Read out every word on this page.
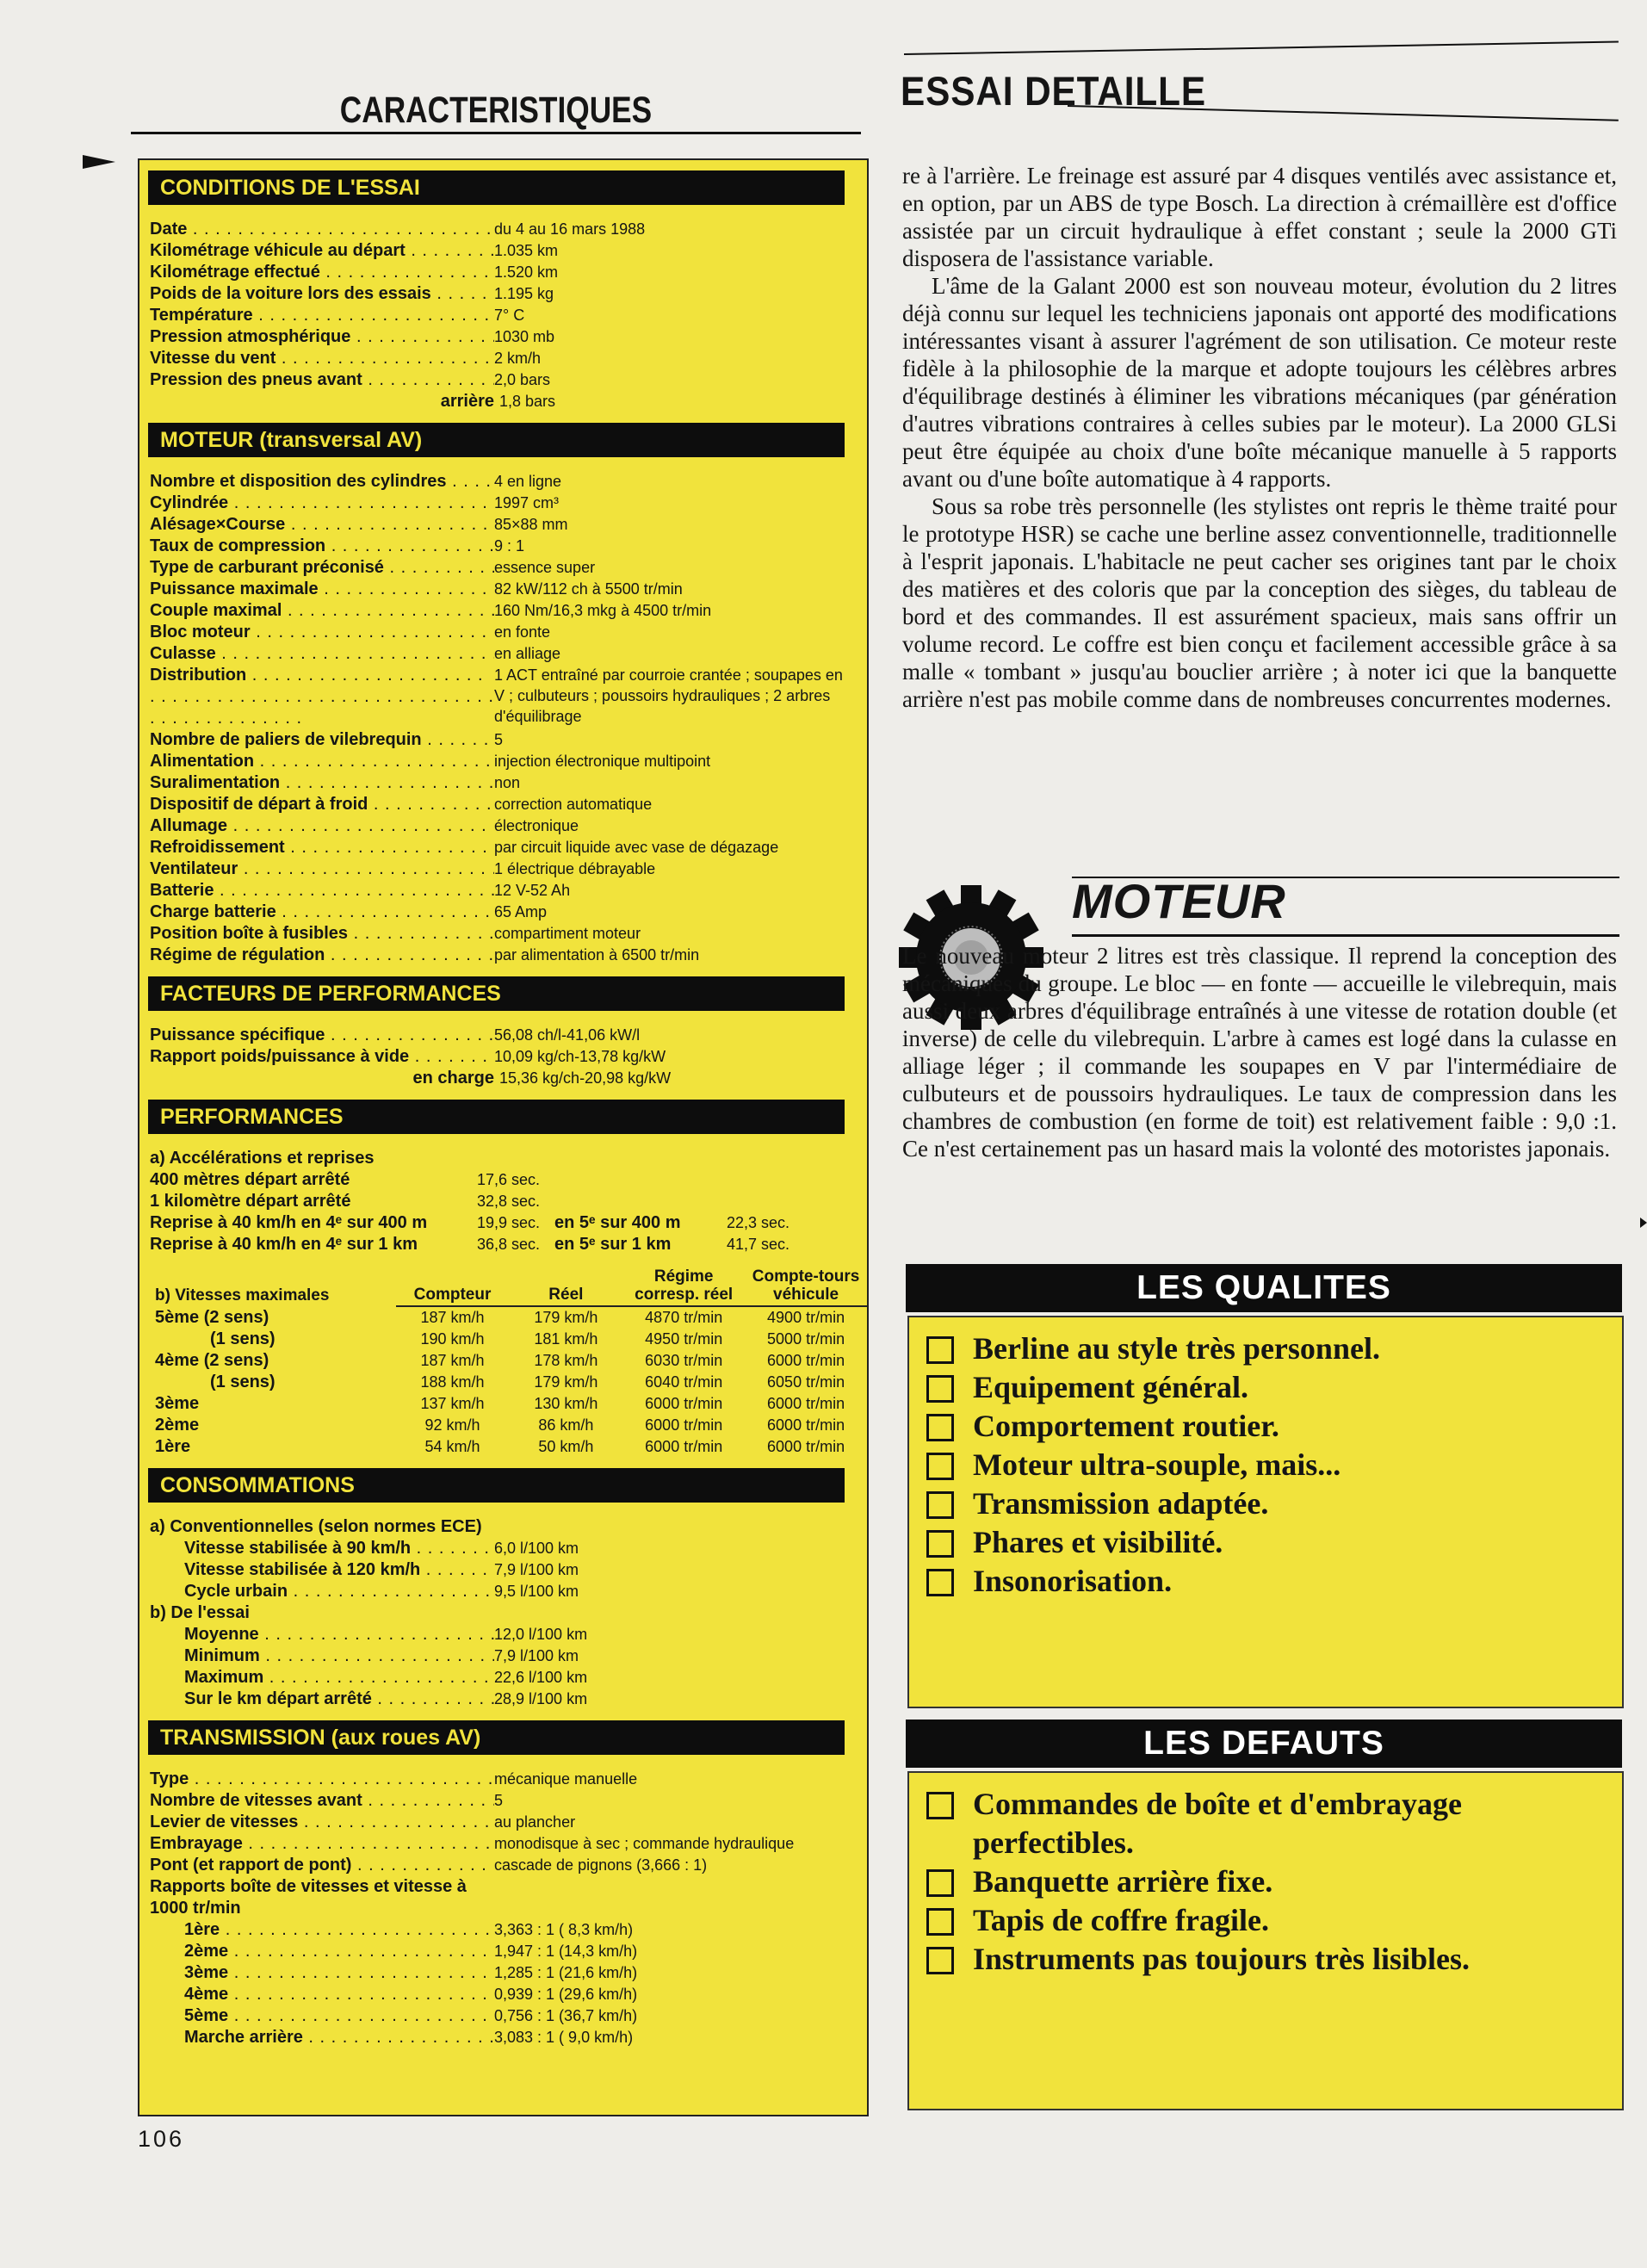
CARACTERISTIQUES
CONDITIONS DE L'ESSAI
Date . . .	du 4 au 16 mars 1988
Kilométrage véhicule au départ . . .	1.035 km
Kilométrage effectué . . .	1.520 km
Poids de la voiture lors des essais . . .	1.195 kg
Température . . .	7° C
Pression atmosphérique . . .	1030 mb
Vitesse du vent . . .	2 km/h
Pression des pneus avant . . .	2,0 bars
arrière 1,8 bars
MOTEUR (transversal AV)
Nombre et disposition des cylindres . . .	4 en ligne
Cylindrée . . .	1997 cm³
Alésage×Course . . .	85×88 mm
Taux de compression . . .	9 : 1
Type de carburant préconisé . . .	essence super
Puissance maximale . . .	82 kW/112 ch à 5500 tr/min
Couple maximal . . .	160 Nm/16,3 mkg à 4500 tr/min
Bloc moteur . . .	en fonte
Culasse . . .	en alliage
Distribution . . .	1 ACT entraîné par courroie crantée ; soupapes en V ; culbuteurs ; poussoirs hydrauliques ; 2 arbres d'équilibrage
Nombre de paliers de vilebrequin . . .	5
Alimentation . . .	injection électronique multipoint
Suralimentation . . .	non
Dispositif de départ à froid . . .	correction automatique
Allumage . . .	électronique
Refroidissement . . .	par circuit liquide avec vase de dégazage
Ventilateur . . .	1 électrique débrayable
Batterie . . .	12 V-52 Ah
Charge batterie . . .	65 Amp
Position boîte à fusibles . . .	compartiment moteur
Régime de régulation . . .	par alimentation à 6500 tr/min
FACTEURS DE PERFORMANCES
Puissance spécifique . . .	56,08 ch/l-41,06 kW/l
Rapport poids/puissance à vide . . .	10,09 kg/ch-13,78 kg/kW
en charge 15,36 kg/ch-20,98 kg/kW
PERFORMANCES
a) Accélérations et reprises
400 mètres départ arrêté	17,6 sec.
1 kilomètre départ arrêté	32,8 sec.
Reprise à 40 km/h en 4ᵉ sur 400 m	19,9 sec. en 5ᵉ sur 400 m	22,3 sec.
Reprise à 40 km/h en 4ᵉ sur 1 km	36,8 sec. en 5ᵉ sur 1 km	41,7 sec.
b) Vitesses maximales	Compteur	Réel	Régime corresp. réel	Compte-tours véhicule
5ème (2 sens)	187 km/h	179 km/h	4870 tr/min	4900 tr/min
(1 sens)	190 km/h	181 km/h	4950 tr/min	5000 tr/min
4ème (2 sens)	187 km/h	178 km/h	6030 tr/min	6000 tr/min
(1 sens)	188 km/h	179 km/h	6040 tr/min	6050 tr/min
3ème	137 km/h	130 km/h	6000 tr/min	6000 tr/min
2ème	92 km/h	86 km/h	6000 tr/min	6000 tr/min
1ère	54 km/h	50 km/h	6000 tr/min	6000 tr/min
CONSOMMATIONS
a) Conventionnelles (selon normes ECE)
Vitesse stabilisée à 90 km/h . . .	6,0 l/100 km
Vitesse stabilisée à 120 km/h . . .	7,9 l/100 km
Cycle urbain . . .	9,5 l/100 km
b) De l'essai
Moyenne . . .	12,0 l/100 km
Minimum . . .	7,9 l/100 km
Maximum . . .	22,6 l/100 km
Sur le km départ arrêté . . .	28,9 l/100 km
TRANSMISSION (aux roues AV)
Type . . .	mécanique manuelle
Nombre de vitesses avant . . .	5
Levier de vitesses . . .	au plancher
Embrayage . . .	monodisque à sec ; commande hydraulique
Pont (et rapport de pont) . . .	cascade de pignons (3,666 : 1)
Rapports boîte de vitesses et vitesse à 1000 tr/min
1ère . . .	3,363 : 1 ( 8,3 km/h)
2ème . . .	1,947 : 1 (14,3 km/h)
3ème . . .	1,285 : 1 (21,6 km/h)
4ème . . .	0,939 : 1 (29,6 km/h)
5ème . . .	0,756 : 1 (36,7 km/h)
Marche arrière . . .	3,083 : 1 ( 9,0 km/h)
ESSAI DETAILLE

re à l'arrière. Le freinage est assuré par 4 disques ventilés avec assistance et, en option, par un ABS de type Bosch. La direction à crémaillère est d'office assistée par un circuit hydraulique à effet constant ; seule la 2000 GTi disposera de l'assistance variable.

L'âme de la Galant 2000 est son nouveau moteur, évolution du 2 litres déjà connu sur lequel les techniciens japonais ont apporté des modifications intéressantes visant à assurer l'agrément de son utilisation. Ce moteur reste fidèle à la philosophie de la marque et adopte toujours les célèbres arbres d'équilibrage destinés à éliminer les vibrations mécaniques (par génération d'autres vibrations contraires à celles subies par le moteur). La 2000 GLSi peut être équipée au choix d'une boîte mécanique manuelle à 5 rapports avant ou d'une boîte automatique à 4 rapports.

Sous sa robe très personnelle (les stylistes ont repris le thème traité pour le prototype HSR) se cache une berline assez conventionnelle, traditionnelle à l'esprit japonais. L'habitacle ne peut cacher ses origines tant par le choix des matières et des coloris que par la conception des sièges, du tableau de bord et des commandes. Il est assurément spacieux, mais sans offrir un volume record. Le coffre est bien conçu et facilement accessible grâce à sa malle « tombant » jusqu'au bouclier arrière ; à noter ici que la banquette arrière n'est pas mobile comme dans de nombreuses concurrentes modernes.

MOTEUR

Le nouveau moteur 2 litres est très classique. Il reprend la conception des mécaniques du groupe. Le bloc — en fonte — accueille le vilebrequin, mais aussi deux arbres d'équilibrage entraînés à une vitesse de rotation double (et inverse) de celle du vilebrequin. L'arbre à cames est logé dans la culasse en alliage léger ; il commande les soupapes en V par l'intermédiaire de culbuteurs et de poussoirs hydrauliques. Le taux de compression dans les chambres de combustion (en forme de toit) est relativement faible : 9,0 :1. Ce n'est certainement pas un hasard mais la volonté des motoristes japonais.

LES QUALITES
Berline au style très personnel.
Equipement général.
Comportement routier.
Moteur ultra-souple, mais...
Transmission adaptée.
Phares et visibilité.
Insonorisation.
LES DEFAUTS
Commandes de boîte et d'embrayage perfectibles.
Banquette arrière fixe.
Tapis de coffre fragile.
Instruments pas toujours très lisibles.
106
